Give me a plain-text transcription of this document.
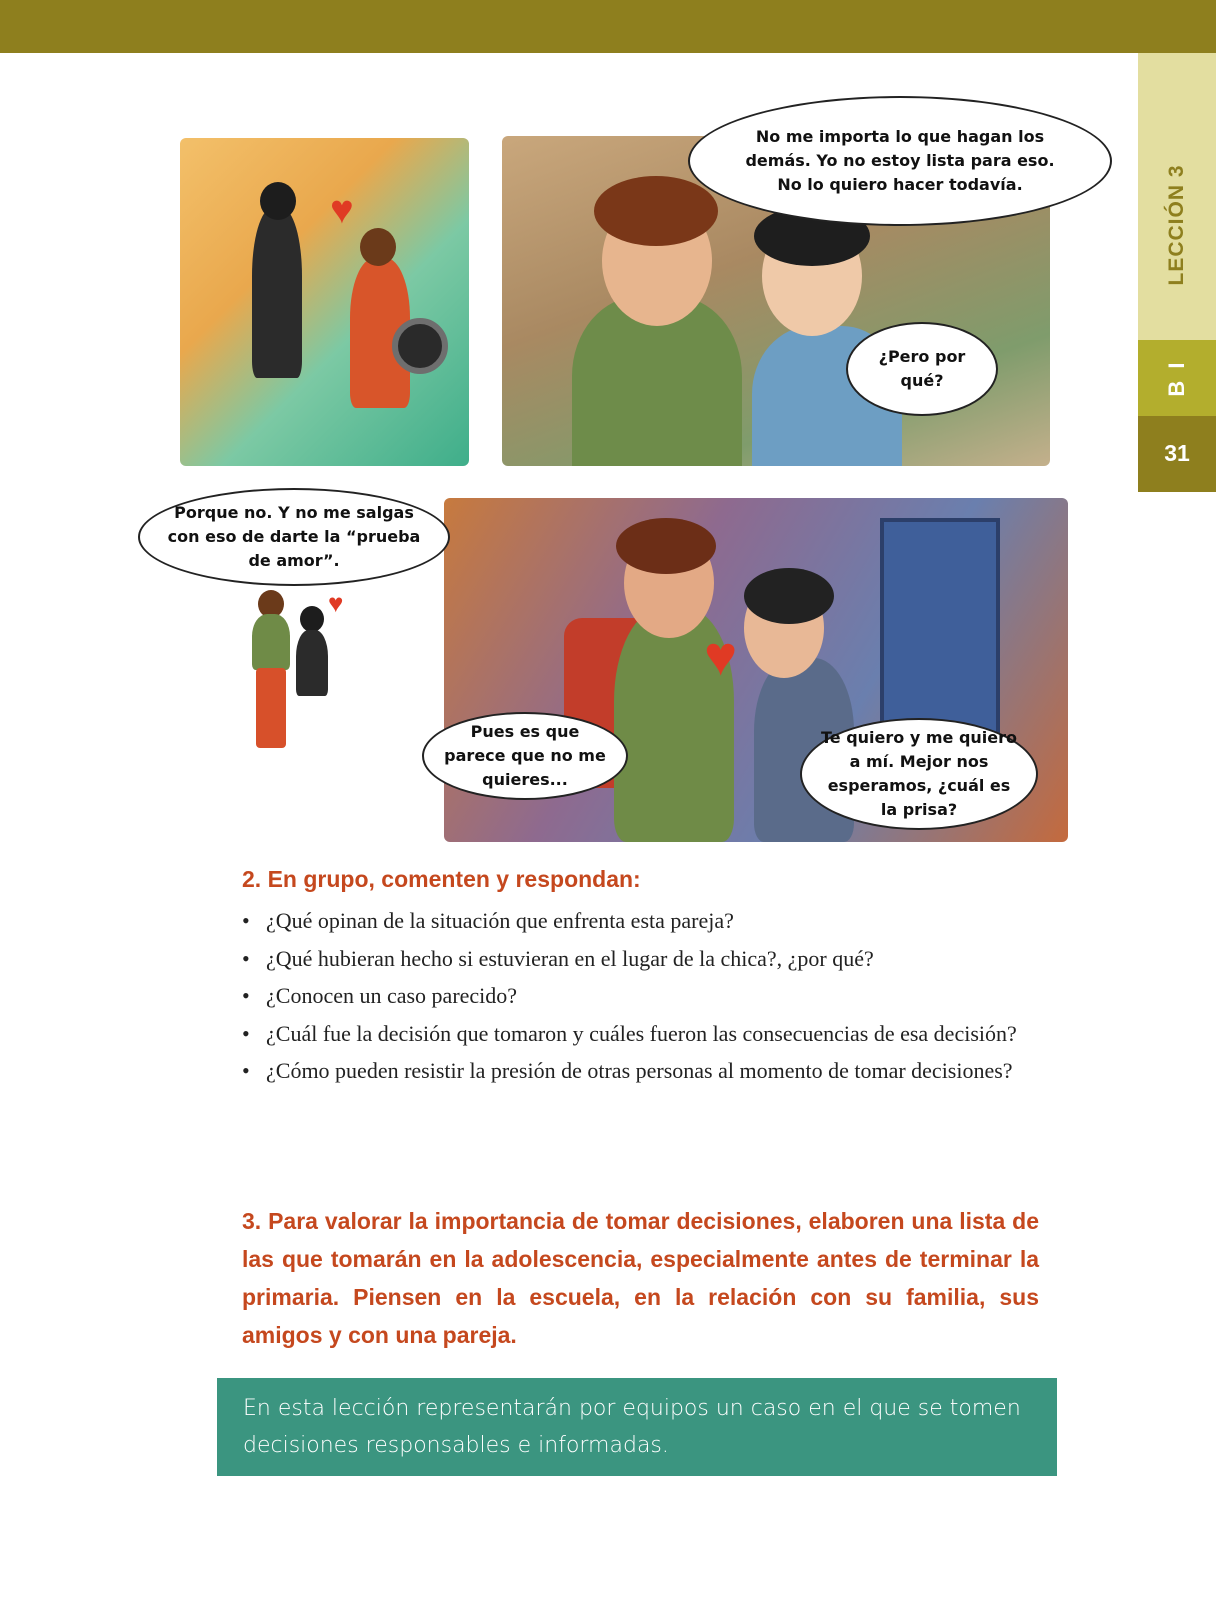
LECCIÓN 3
B I
31
♥
♥
♥
No me importa lo que hagan los demás. Yo no estoy lista para eso. No lo quiero hacer todavía.
¿Pero por qué?
Porque no. Y no me salgas con eso de darte la “prueba de amor”.
Pues es que parece que no me quieres...
Te quiero y me quiero a mí. Mejor nos esperamos, ¿cuál es la prisa?
2. En grupo, comenten y respondan:
• ¿Qué opinan de la situación que enfrenta esta pareja?
• ¿Qué hubieran hecho si estuvieran en el lugar de la chica?, ¿por qué?
• ¿Conocen un caso parecido?
• ¿Cuál fue la decisión que tomaron y cuáles fueron las consecuencias de esa decisión?
• ¿Cómo pueden resistir la presión de otras personas al momento de tomar decisiones?

3. Para valorar la importancia de tomar decisiones, elaboren una lista de las que tomarán en la adolescencia, especialmente antes de terminar la primaria. Piensen en la escuela, en la relación con su familia, sus amigos y con una pareja.

En esta lección representarán por equipos un caso en el que se tomen decisiones responsables e informadas.
